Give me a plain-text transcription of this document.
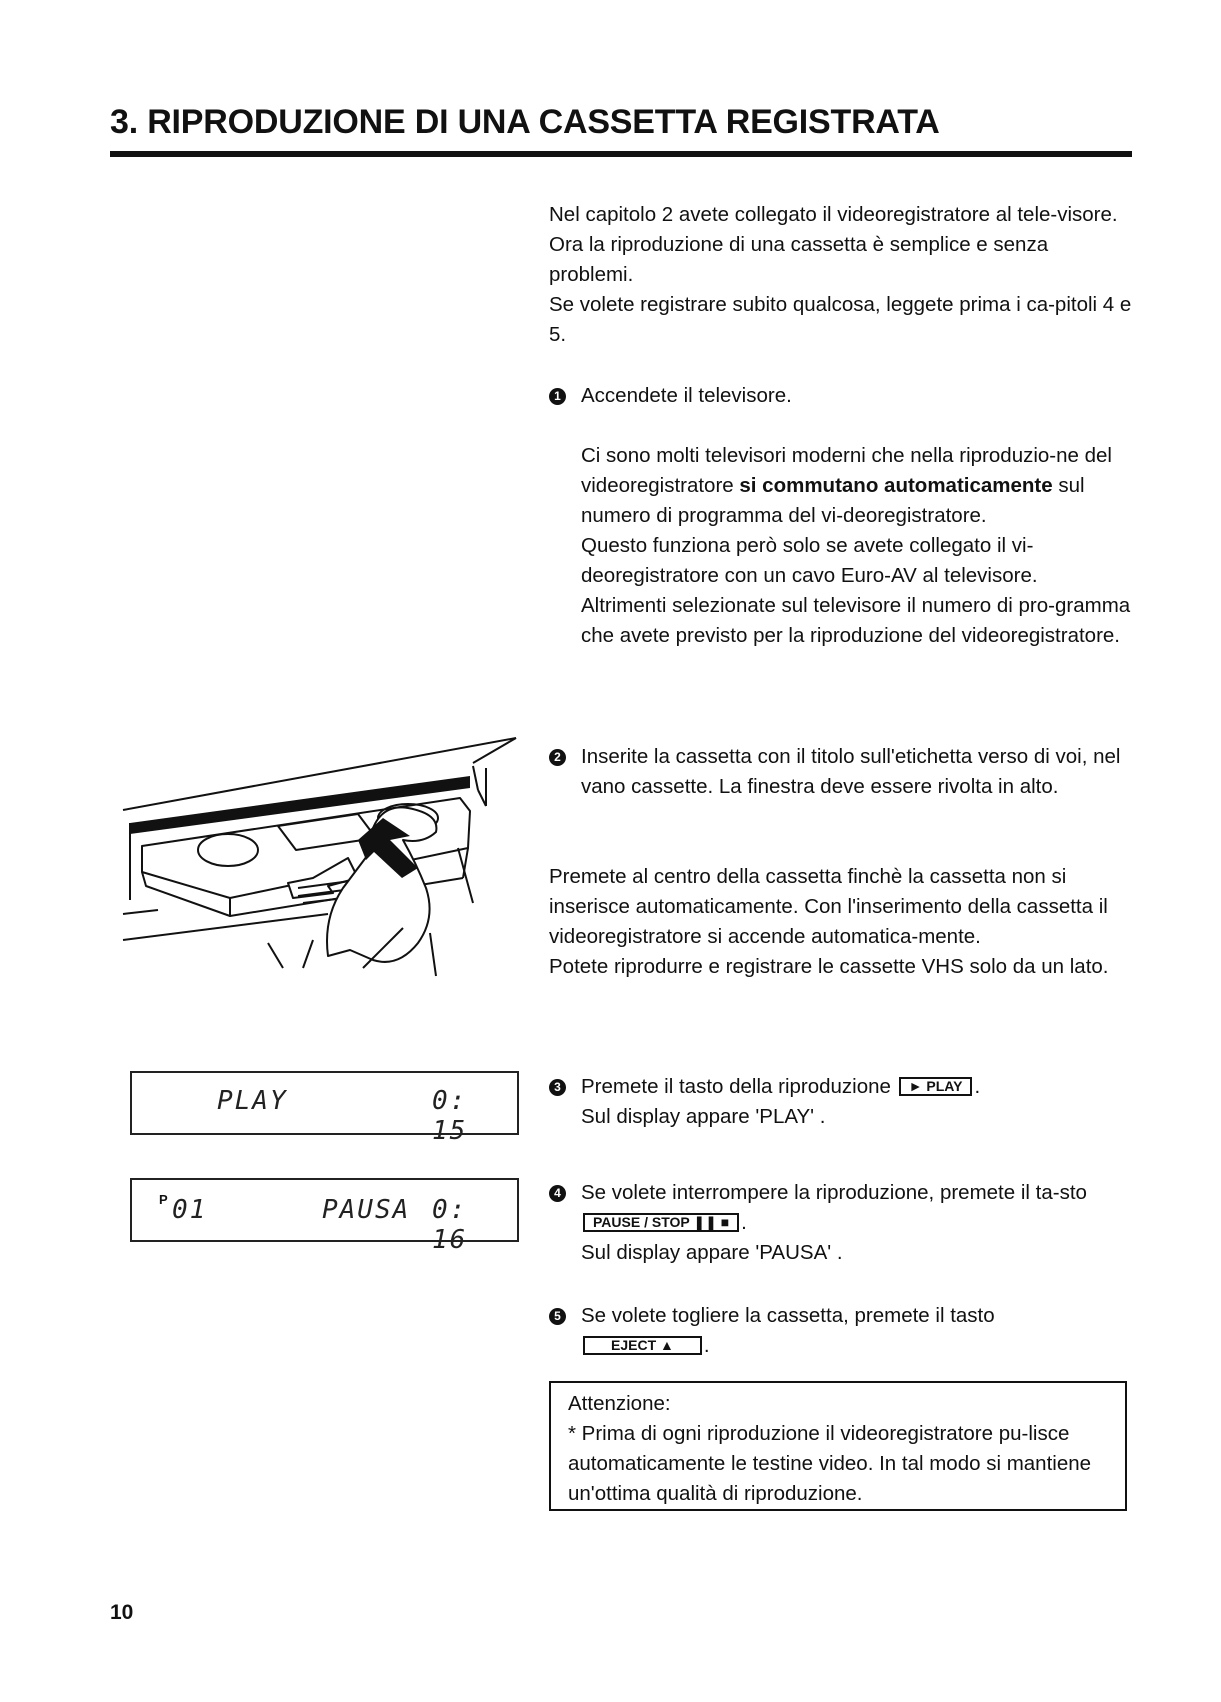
3. RIPRODUZIONE DI UNA CASSETTA REGISTRATA

Nel capitolo 2 avete collegato il videoregistratore al tele-visore. Ora la riproduzione di una cassetta è semplice e senza problemi.

Se volete registrare subito qualcosa, leggete prima i ca-pitoli 4 e 5.

1 Accendete il televisore.

Ci sono molti televisori moderni che nella riproduzio-ne del videoregistratore si commutano automaticamente sul numero di programma del vi-deoregistratore.

Questo funziona però solo se avete collegato il vi-deoregistratore con un cavo Euro-AV al televisore.

Altrimenti selezionate sul televisore il numero di pro-gramma che avete previsto per la riproduzione del videoregistratore.

2 Inserite la cassetta con il titolo sull'etichetta verso di voi, nel vano cassette. La finestra deve essere rivolta in alto.

Premete al centro della cassetta finchè la cassetta non si inserisce automaticamente. Con l'inserimento della cassetta il videoregistratore si accende automatica-mente.

Potete riprodurre e registrare le cassette VHS solo da un lato.

3 Premete il tasto della riproduzione ► PLAY .
Sul display appare 'PLAY' .
4 Se volete interrompere la riproduzione, premete il ta-sto PAUSE / STOP ❚❚ ■ .
Sul display appare 'PAUSA' .
5 Se volete togliere la cassetta, premete il tasto
EJECT ▲ .
PLAY	0: 15
P 01	PAUSA 0: 16

Attenzione:

* Prima di ogni riproduzione il videoregistratore pu-lisce automaticamente le testine video. In tal modo si mantiene un'ottima qualità di riproduzione.

10
